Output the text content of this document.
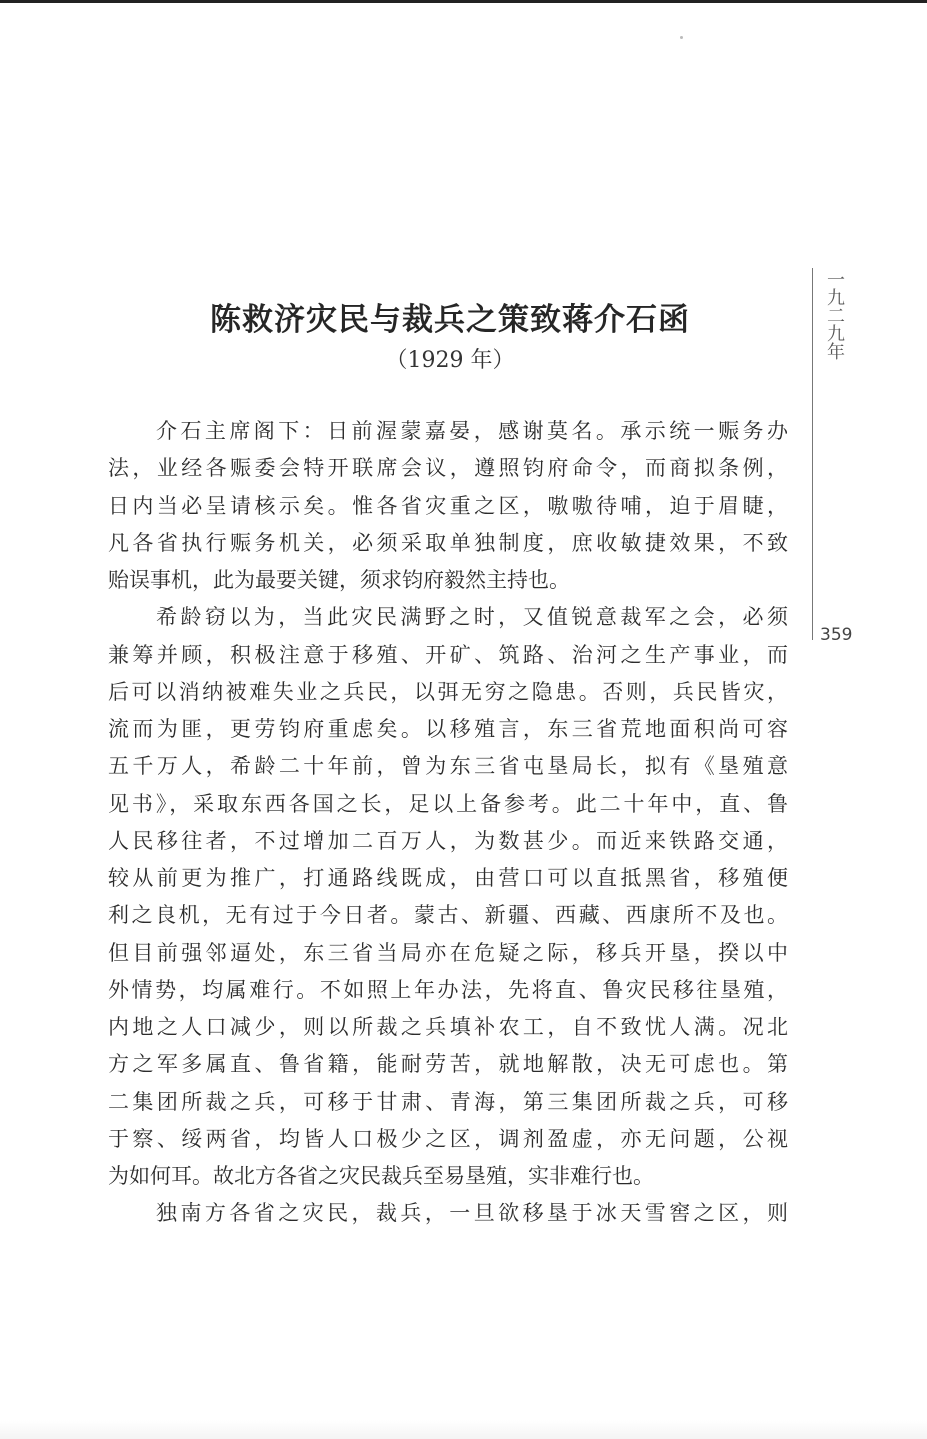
陈救济灾民与裁兵之策致蒋介石函
（1929 年）
一九二九年
359
介石主席阁下：日前渥蒙嘉晏，感谢莫名。承示统一赈务办
法，业经各赈委会特开联席会议，遵照钧府命令，而商拟条例，
日内当必呈请核示矣。惟各省灾重之区，嗷嗷待哺，迫于眉睫，
凡各省执行赈务机关，必须采取单独制度，庶收敏捷效果，不致
贻误事机，此为最要关键，须求钧府毅然主持也。
希龄窃以为，当此灾民满野之时，又值锐意裁军之会，必须
兼筹并顾，积极注意于移殖、开矿、筑路、治河之生产事业，而
后可以消纳被难失业之兵民，以弭无穷之隐患。否则，兵民皆灾，
流而为匪，更劳钧府重虑矣。以移殖言，东三省荒地面积尚可容
五千万人，希龄二十年前，曾为东三省屯垦局长，拟有《垦殖意
见书》，采取东西各国之长，足以上备参考。此二十年中，直、鲁
人民移往者，不过增加二百万人，为数甚少。而近来铁路交通，
较从前更为推广，打通路线既成，由营口可以直抵黑省，移殖便
利之良机，无有过于今日者。蒙古、新疆、西藏、西康所不及也。
但目前强邻逼处，东三省当局亦在危疑之际，移兵开垦，揆以中
外情势，均属难行。不如照上年办法，先将直、鲁灾民移往垦殖，
内地之人口减少，则以所裁之兵填补农工，自不致忧人满。况北
方之军多属直、鲁省籍，能耐劳苦，就地解散，决无可虑也。第
二集团所裁之兵，可移于甘肃、青海，第三集团所裁之兵，可移
于察、绥两省，均皆人口极少之区，调剂盈虚，亦无问题，公视
为如何耳。故北方各省之灾民裁兵至易垦殖，实非难行也。
独南方各省之灾民，裁兵，一旦欲移垦于冰天雪窖之区，则
